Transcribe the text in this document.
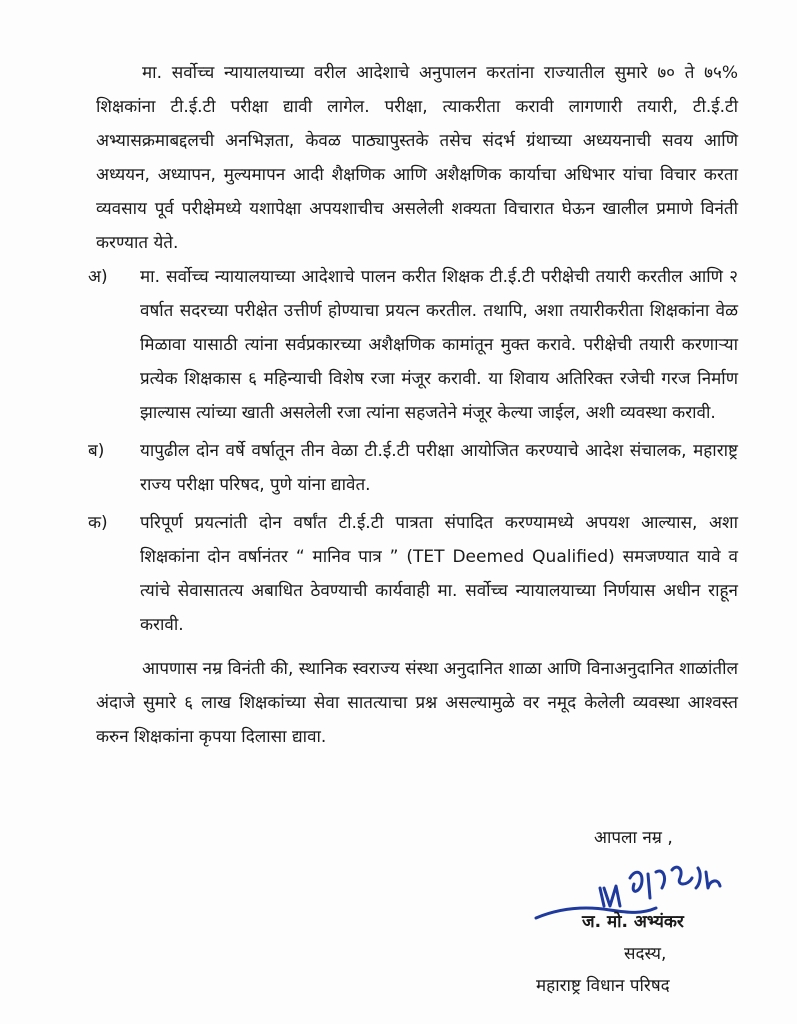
मा. सर्वोच्च न्यायालयाच्या वरील आदेशाचे अनुपालन करतांना राज्यातील सुमारे ७० ते ७५% शिक्षकांना टी.ई.टी परीक्षा द्यावी लागेल. परीक्षा, त्याकरीता करावी लागणारी तयारी, टी.ई.टी अभ्यासक्रमाबद्दलची अनभिज्ञता, केवळ पाठ्यापुस्तके तसेच संदर्भ ग्रंथाच्या अध्ययनाची सवय आणि अध्ययन, अध्यापन, मुल्यमापन आदी शैक्षणिक आणि अशैक्षणिक कार्याचा अधिभार यांचा विचार करता व्यवसाय पूर्व परीक्षेमध्ये यशापेक्षा अपयशाचीच असलेली शक्यता विचारात घेऊन खालील प्रमाणे विनंती करण्यात येते.

अ) मा. सर्वोच्च न्यायालयाच्या आदेशाचे पालन करीत शिक्षक टी.ई.टी परीक्षेची तयारी करतील आणि २ वर्षात सदरच्या परीक्षेत उत्तीर्ण होण्याचा प्रयत्न करतील. तथापि, अशा तयारीकरीता शिक्षकांना वेळ मिळावा यासाठी त्यांना सर्वप्रकारच्या अशैक्षणिक कामांतून मुक्त करावे. परीक्षेची तयारी करणाऱ्या प्रत्येक शिक्षकास ६ महिन्याची विशेष रजा मंजूर करावी. या शिवाय अतिरिक्त रजेची गरज निर्माण झाल्यास त्यांच्या खाती असलेली रजा त्यांना सहजतेने मंजूर केल्या जाईल, अशी व्यवस्था करावी.
ब) यापुढील दोन वर्षे वर्षातून तीन वेळा टी.ई.टी परीक्षा आयोजित करण्याचे आदेश संचालक, महाराष्ट्र राज्य परीक्षा परिषद, पुणे यांना द्यावेत.
क) परिपूर्ण प्रयत्नांती दोन वर्षांत टी.ई.टी पात्रता संपादित करण्यामध्ये अपयश आल्यास, अशा शिक्षकांना दोन वर्षानंतर “ मानिव पात्र ” (TET Deemed Qualified) समजण्यात यावे व त्यांचे सेवासातत्य अबाधित ठेवण्याची कार्यवाही मा. सर्वोच्च न्यायालयाच्या निर्णयास अधीन राहून करावी.

आपणास नम्र विनंती की, स्थानिक स्वराज्य संस्था अनुदानित शाळा आणि विनाअनुदानित शाळांतील अंदाजे सुमारे ६ लाख शिक्षकांच्या सेवा सातत्याचा प्रश्न असल्यामुळे वर नमूद केलेली व्यवस्था आश्वस्त करुन शिक्षकांना कृपया दिलासा द्यावा.

आपला नम्र ,
ज. मो. अभ्यंकर
सदस्य,
महाराष्ट्र विधान परिषद
